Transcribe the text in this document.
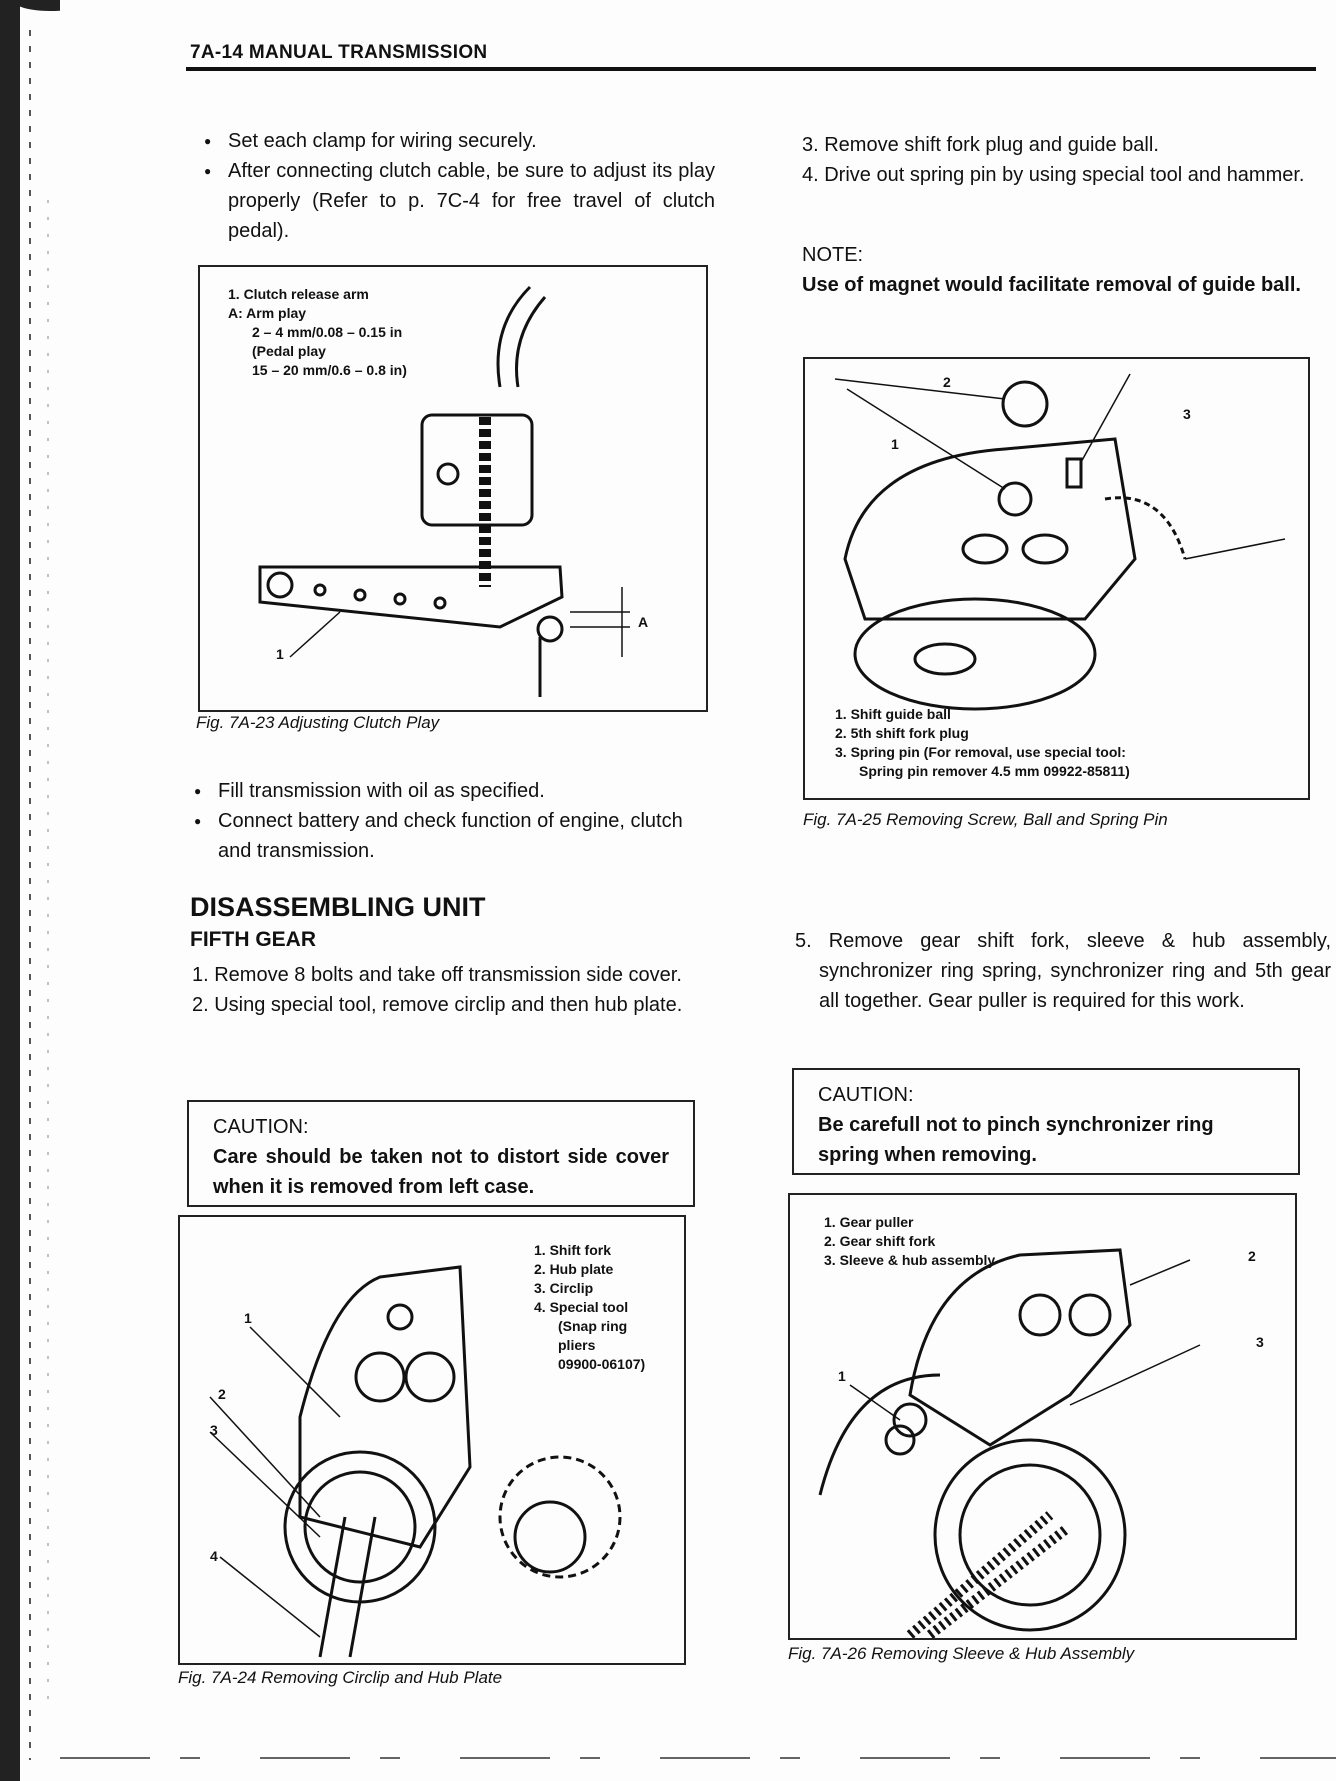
7A-14 MANUAL TRANSMISSION
● Set each clamp for wiring securely.
● After connecting clutch cable, be sure to adjust its play properly (Refer to p. 7C-4 for free travel of clutch pedal).
1. Clutch release arm
A: Arm play
2 – 4 mm/0.08 – 0.15 in
(Pedal play
15 – 20 mm/0.6 – 0.8 in)
1
A
Fig. 7A-23 Adjusting Clutch Play
● Fill transmission with oil as specified.
● Connect battery and check function of engine, clutch and transmission.
DISASSEMBLING UNIT
FIFTH GEAR
1. Remove 8 bolts and take off transmission side cover.
2. Using special tool, remove circlip and then hub plate.
CAUTION:
Care should be taken not to distort side cover when it is removed from left case.
1
2
3
4
1. Shift fork
2. Hub plate
3. Circlip
4. Special tool
(Snap ring
pliers
09900-06107)
Fig. 7A-24 Removing Circlip and Hub Plate
3. Remove shift fork plug and guide ball.
4. Drive out spring pin by using special tool and hammer.
NOTE:
Use of magnet would facilitate removal of guide ball.
2
1
3
1. Shift guide ball
2. 5th shift fork plug
3. Spring pin (For removal, use special tool:
Spring pin remover 4.5 mm 09922-85811)
Fig. 7A-25 Removing Screw, Ball and Spring Pin
5. Remove gear shift fork, sleeve & hub assembly, synchronizer ring spring, synchronizer ring and 5th gear all together. Gear puller is required for this work.
CAUTION:
Be carefull not to pinch synchronizer ring spring when removing.
1. Gear puller
2. Gear shift fork
3. Sleeve & hub assembly
1
2
3
Fig. 7A-26 Removing Sleeve & Hub Assembly
